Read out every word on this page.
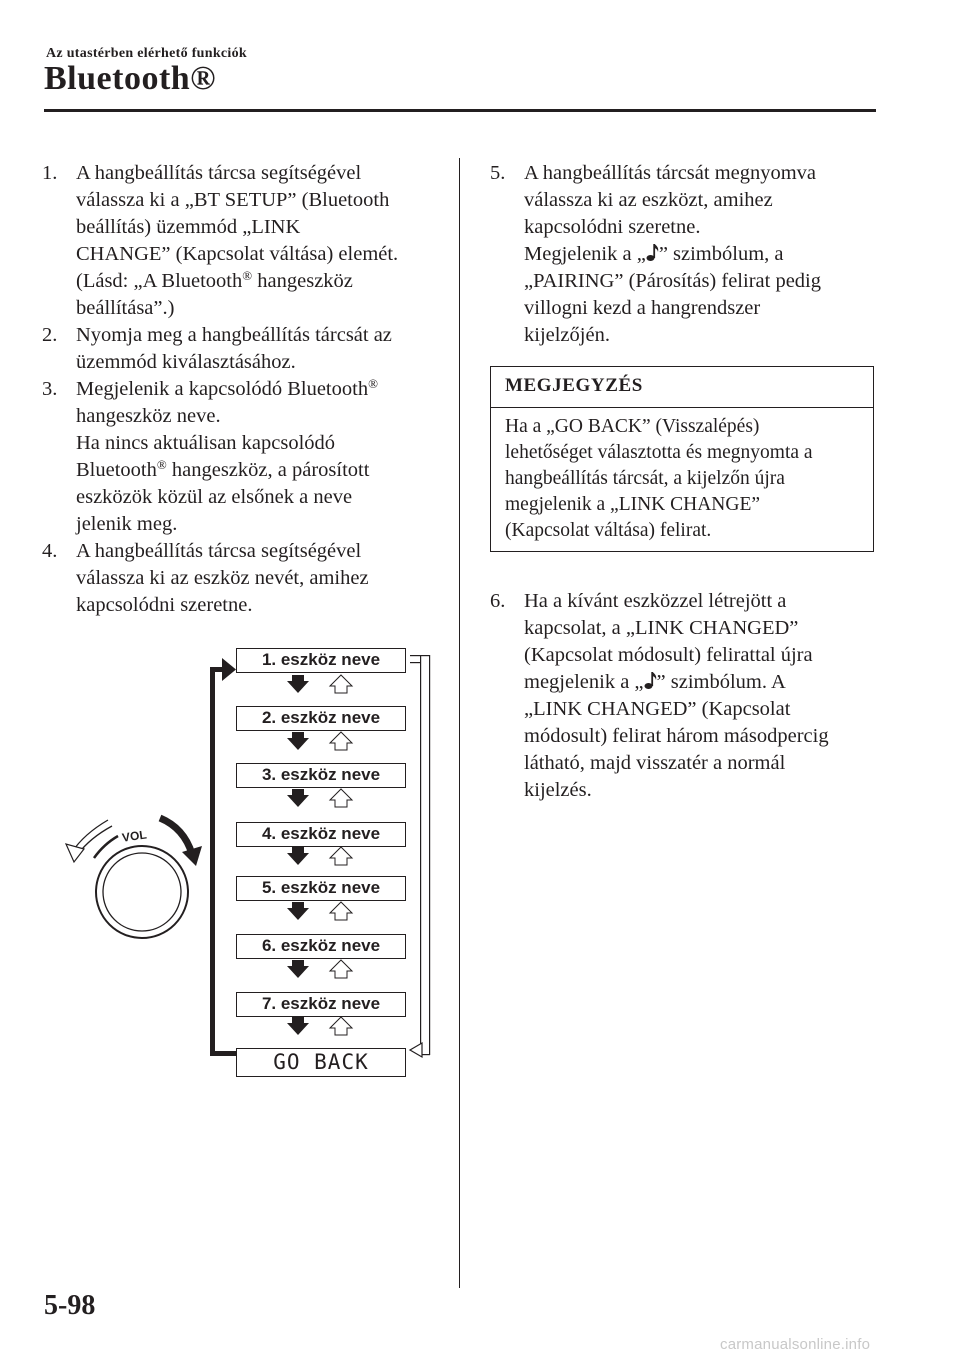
Az utastérben elérhető funkciók
Bluetooth®
1. A hangbeállítás tárcsa segítségével
válassza ki a „BT SETUP” (Bluetooth
beállítás) üzemmód „LINK
CHANGE” (Kapcsolat váltása) elemét.
(Lásd: „A Bluetooth® hangeszköz
beállítása”.)
2. Nyomja meg a hangbeállítás tárcsát az
üzemmód kiválasztásához.
3. Megjelenik a kapcsolódó Bluetooth®
hangeszköz neve.
Ha nincs aktuálisan kapcsolódó
Bluetooth® hangeszköz, a párosított
eszközök közül az elsőnek a neve
jelenik meg.
4. A hangbeállítás tárcsa segítségével
válassza ki az eszköz nevét, amihez
kapcsolódni szeretne.
5. A hangbeállítás tárcsát megnyomva
válassza ki az eszközt, amihez
kapcsolódni szeretne.
Megjelenik a „ ” szimbólum, a
„PAIRING” (Párosítás) felirat pedig
villogni kezd a hangrendszer
kijelzőjén.
MEGJEGYZÉS
Ha a „GO BACK” (Visszalépés)
lehetőséget választotta és megnyomta a
hangbeállítás tárcsát, a kijelzőn újra
megjelenik a „LINK CHANGE”
(Kapcsolat váltása) felirat.
6. Ha a kívánt eszközzel létrejött a
kapcsolat, a „LINK CHANGED”
(Kapcsolat módosult) felirattal újra
megjelenik a „ ” szimbólum. A
„LINK CHANGED” (Kapcsolat
módosult) felirat három másodpercig
látható, majd visszatér a normál
kijelzés.
VOL
1. eszköz neve
2. eszköz neve
3. eszköz neve
4. eszköz neve
5. eszköz neve
6. eszköz neve
7. eszköz neve
GO BACK
5-98
carmanualsonline.info
